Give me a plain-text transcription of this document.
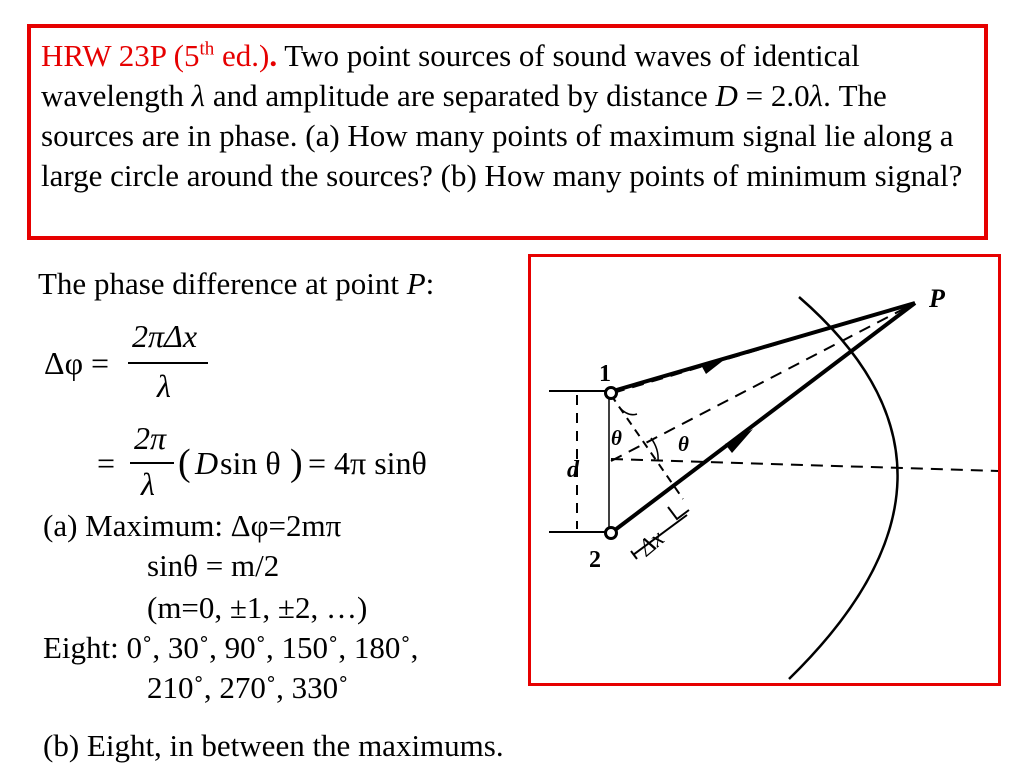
HRW 23P (5th ed.). Two point sources of sound waves of identical wavelength λ and amplitude are separated by distance D = 2.0λ. The sources are in phase. (a) How many points of maximum signal lie along a large circle around the sources? (b) How many points of minimum signal?
The phase difference at point P:
Δφ =
2πΔx
λ
=
2π
λ ( D sin θ ) = 4π sinθ
(a) Maximum: Δφ=2mπ
sinθ = m/2
(m=0, ±1, ±2, …)
Eight: 0˚, 30˚, 90˚, 150˚, 180˚,
210˚, 270˚, 330˚
(b) Eight, in between the maximums.
P
1
2
d
θ	θ
Δx
